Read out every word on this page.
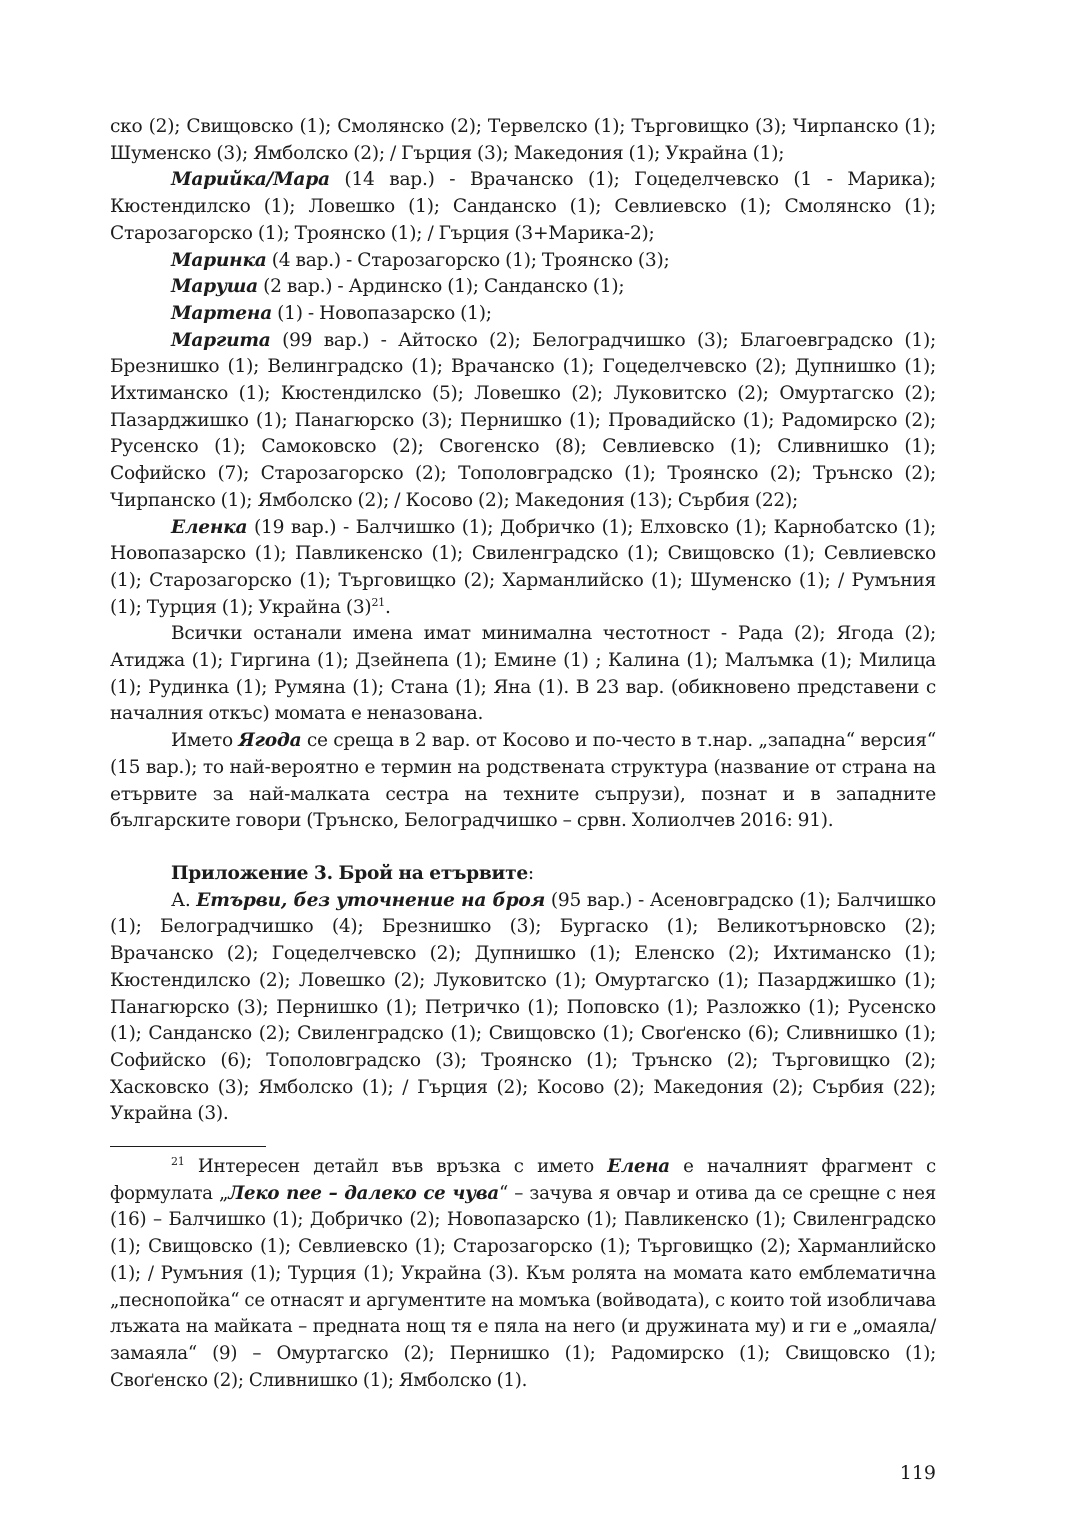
ско (2); Свищовско (1); Смолянско (2); Тервелско (1); Търговищко (3); Чирпанско (1); Шуменско (3); Ямболско (2); / Гърция (3); Македония (1); Украйна (1);

Марийка/Мара (14 вар.) - Врачанско (1); Гоцеделчевско (1 - Марика); Кюстендилско (1); Ловешко (1); Санданско (1); Севлиевско (1); Смолянско (1); Старозагорско (1); Троянско (1); / Гърция (3+Марика-2);

Маринка (4 вар.) - Старозагорско (1); Троянско (3);

Маруша (2 вар.) - Ардинско (1); Санданско (1);

Мартена (1) - Новопазарско (1);

Маргита (99 вар.) - Айтоско (2); Белоградчишко (3); Благоевградско (1); Брезнишко (1); Велинградско (1); Врачанско (1); Гоцеделчевско (2); Дупнишко (1); Ихтиманско (1); Кюстендилско (5); Ловешко (2); Луковитско (2); Омуртагско (2); Пазарджишко (1); Панагюрско (3); Пернишко (1); Провадийско (1); Радомирско (2); Русенско (1); Самоковско (2); Свогенско (8); Севлиевско (1); Сливнишко (1); Софийско (7); Старозагорско (2); Тополовградско (1); Троянско (2); Трънско (2); Чирпанско (1); Ямболско (2); / Косово (2); Македония (13); Сърбия (22);

Еленка (19 вар.) - Балчишко (1); Добричко (1); Елховско (1); Карнобатско (1); Новопазарско (1); Павликенско (1); Свиленградско (1); Свищовско (1); Севлиевско (1); Старозагорско (1); Търговищко (2); Харманлийско (1); Шуменско (1); / Румъния (1); Турция (1); Украйна $(3)^{21}$.

Всички останали имена имат минимална честотност - Рада (2); Ягода (2); Атиджа (1); Гиргина (1); Дзейнепа (1); Емине (1) ; Калина (1); Малъмка (1); Милица (1); Рудинка (1); Румяна (1); Стана (1); Яна (1). В 23 вар. (обикновено представени с началния откъс) момата е неназована.

Името Ягода се среща в 2 вар. от Косово и по-често в т.нар. „западна“ версия“ (15 вар.); то най-вероятно е термин на родствената структура (название от страна на етървите за най-малката сестра на техните съпрузи), познат и в западните българските говори (Трънско, Белоградчишко – срвн. Холиолчев 2016: 91).

Приложение 3. Брой на етървите:

А. Етърви, без уточнение на броя (95 вар.) - Асеновградско (1); Балчишко (1); Белоградчишко (4); Брезнишко (3); Бургаско (1); Великотърновско (2); Врачанско (2); Гоцеделчевско (2); Дупнишко (1); Еленско (2); Ихтиманско (1); Кюстендилско (2); Ловешко (2); Луковитско (1); Омуртагско (1); Пазарджишко (1); Панагюрско (3); Пернишко (1); Петричко (1); Поповско (1); Разложко (1); Русенско (1); Санданско (2); Свиленградско (1); Свищовско (1); Своґенско (6); Сливнишко (1); Софийско (6); Тополовградско (3); Троянско (1); Трънско (2); Търговищко (2); Хасковско (3); Ямболско (1); / Гърция (2); Косово (2); Македония (2); Сърбия (22); Украйна (3).

$^{21}$ Интересен детайл във връзка с името Елена е началният фрагмент с формулата „Леко пее – далеко се чува“ – зачува я овчар и отива да се срещне с нея (16) – Балчишко (1); Добричко (2); Новопазарско (1); Павликенско (1); Свиленградско (1); Свищовско (1); Севлиевско (1); Старозагорско (1); Търговищко (2); Харманлийско (1); / Румъния (1); Турция (1); Украйна (3). Към ролята на момата като емблематична „песнопойка“ се отнасят и аргументите на момъка (войводата), с които той изобличава лъжата на майката – предната нощ тя е пяла на него (и дружината му) и ги е „омаяла/замаяла“ (9) – Омуртагско (2); Пернишко (1); Радомирско (1); Свищовско (1); Своґенско (2); Сливнишко (1); Ямболско (1).

119
